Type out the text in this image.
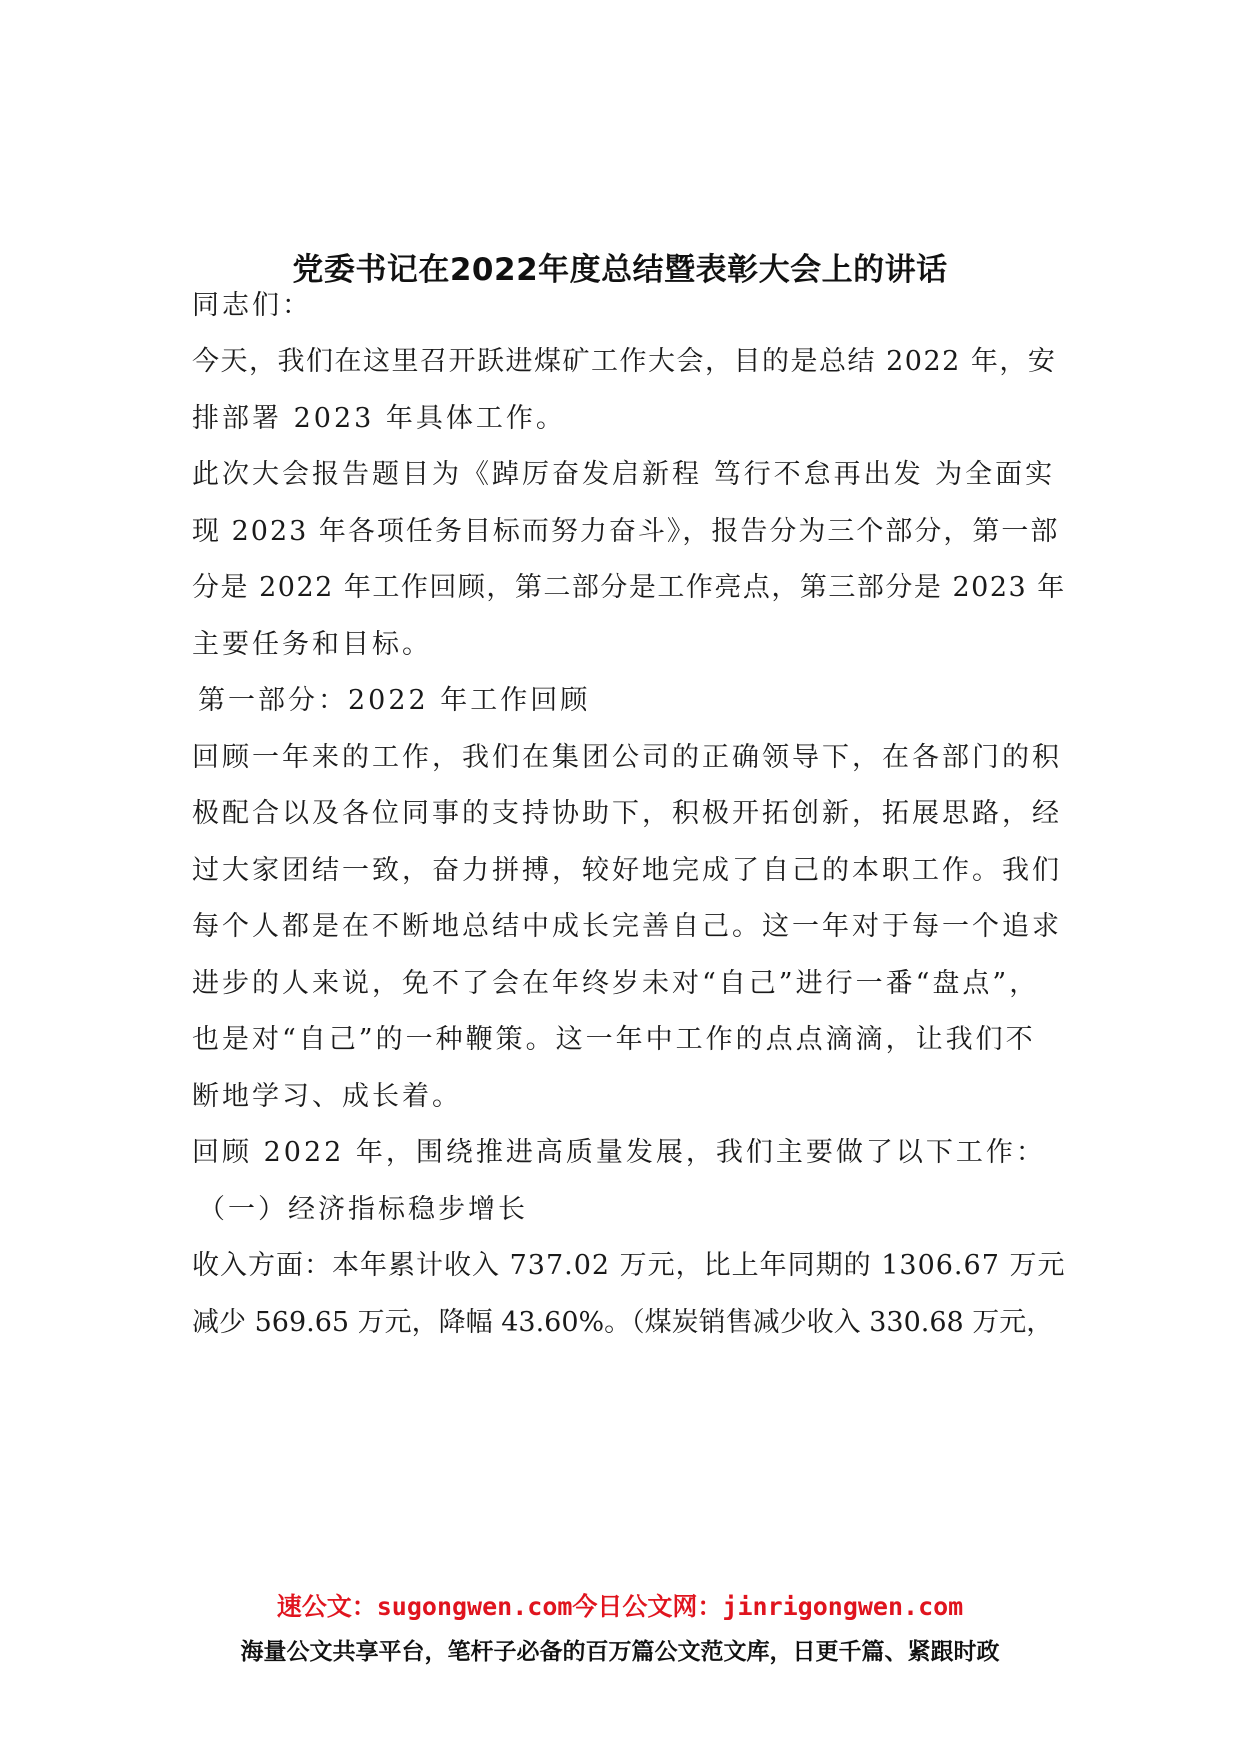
党委书记在2022年度总结暨表彰大会上的讲话
同志们：
今天，我们在这里召开跃进煤矿工作大会，目的是总结 2022 年，安
排部署 2023 年具体工作。
此次大会报告题目为《踔厉奋发启新程 笃行不怠再出发 为全面实
现 2023 年各项任务目标而努力奋斗》，报告分为三个部分，第一部
分是 2022 年工作回顾，第二部分是工作亮点，第三部分是 2023 年
主要任务和目标。
第一部分：2022 年工作回顾
回顾一年来的工作，我们在集团公司的正确领导下，在各部门的积
极配合以及各位同事的支持协助下，积极开拓创新，拓展思路，经
过大家团结一致，奋力拼搏，较好地完成了自己的本职工作。我们
每个人都是在不断地总结中成长完善自己。这一年对于每一个追求
进步的人来说，免不了会在年终岁未对“自己”进行一番“盘点”，
也是对“自己”的一种鞭策。这一年中工作的点点滴滴，让我们不
断地学习、成长着。
回顾 2022 年，围绕推进高质量发展，我们主要做了以下工作：
（一）经济指标稳步增长
收入方面：本年累计收入 737.02 万元，比上年同期的 1306.67 万元
减少 569.65 万元，降幅 43.60%。（煤炭销售减少收入 330.68 万元，
速公文：sugongwen.com今日公文网：jinrigongwen.com
海量公文共享平台，笔杆子必备的百万篇公文范文库，日更千篇、紧跟时政
